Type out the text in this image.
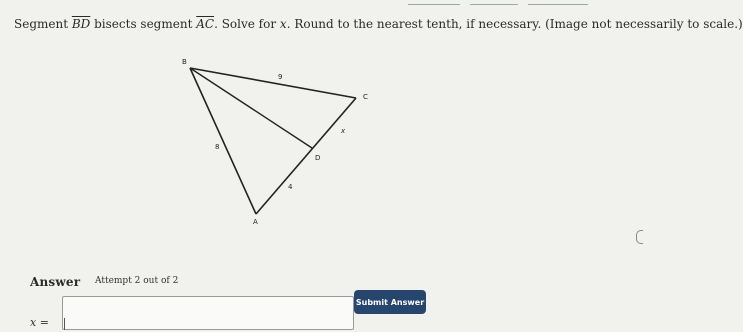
Segment $\overline{BD}$ bisects segment $\overline{AC}$. Solve for x. Round to the nearest tenth, if necessary. (Image not necessarily to scale.)
B
C
D
A
9
8
x
4
Answer Attempt 2 out of 2
x =
Submit Answer
